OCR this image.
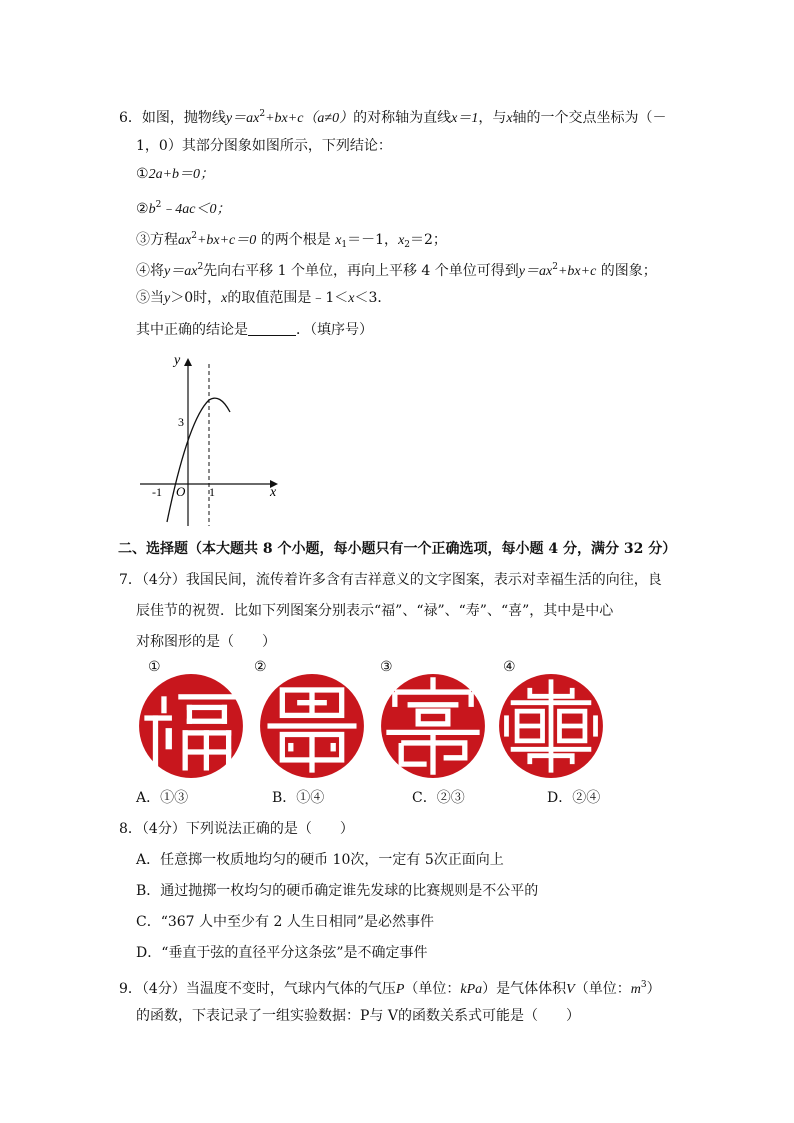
6．如图，抛物线$y=ax^2+bx+c(a\ne 0)$的对称轴为直线x＝1，与x轴的一个交点坐标为（－
1，0）其部分图象如图所示，下列结论：
①2a+b＝0；
$②b^2﹣4ac<0$；
③方程$ax^2+bx+c=0$ 的两个根是 $x_1=-1$，$x_2=2$；
④将$y=ax^2$先向右平移 1 个单位，再向上平移 4 个单位可得到$y=ax^2+bx+c$ 的图象；
⑤当y＞0时，x的取值范围是﹣1＜x＜3．
其中正确的结论是	．（填序号）
y
x
O
-1	1
3
二、选择题（本大题共 8 个小题，每小题只有一个正确选项，每小题 4 分，满分 32 分）
7．（4分）我国民间，流传着许多含有吉祥意义的文字图案，表示对幸福生活的向往，良
辰佳节的祝贺．比如下列图案分别表示“福”、“禄”、“寿”、“喜”，其中是中心
对称图形的是（　　）
①	②	③	④
A．①③	B．①④	C．②③	D．②④
8．（4分）下列说法正确的是（　　）
A．任意掷一枚质地均匀的硬币 10次，一定有 5次正面向上
B．通过抛掷一枚均匀的硬币确定谁先发球的比赛规则是不公平的
C．“367 人中至少有 2 人生日相同”是必然事件
D．“垂直于弦的直径平分这条弦”是不确定事件
9．（4分）当温度不变时，气球内气体的气压P（单位：kPa）是气体体积V（单位：$m^3$）
的函数，下表记录了一组实验数据：P与 V的函数关系式可能是（　　）
